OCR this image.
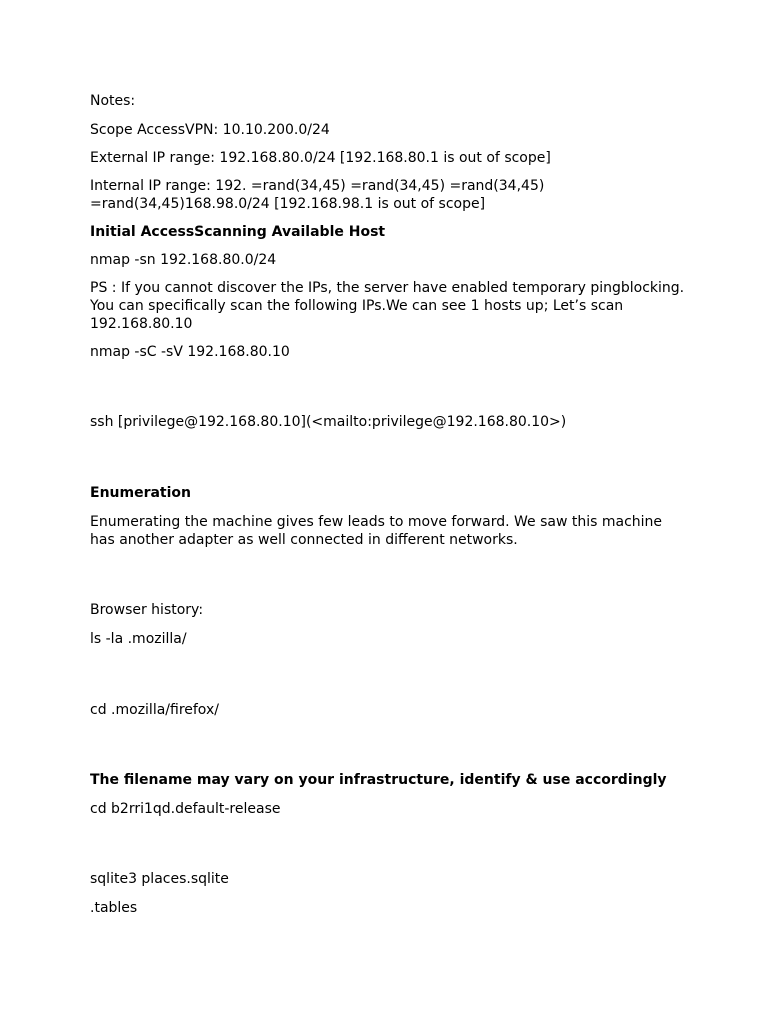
Notes:

Scope AccessVPN: 10.10.200.0/24

External IP range: 192.168.80.0/24 [192.168.80.1 is out of scope]

Internal IP range: 192. =rand(34,45) =rand(34,45) =rand(34,45)
=rand(34,45)168.98.0/24 [192.168.98.1 is out of scope]

Initial AccessScanning Available Host

nmap -sn 192.168.80.0/24

PS : If you cannot discover the IPs, the server have enabled temporary pingblocking.
You can specifically scan the following IPs.We can see 1 hosts up; Let’s scan
192.168.80.10

nmap -sC -sV 192.168.80.10

ssh [privilege@192.168.80.10](<mailto:privilege@192.168.80.10>)

Enumeration

Enumerating the machine gives few leads to move forward. We saw this machine
has another adapter as well connected in different networks.

Browser history:

ls -la .mozilla/

cd .mozilla/firefox/

The filename may vary on your infrastructure, identify & use accordingly

cd b2rri1qd.default-release

sqlite3 places.sqlite

.tables
